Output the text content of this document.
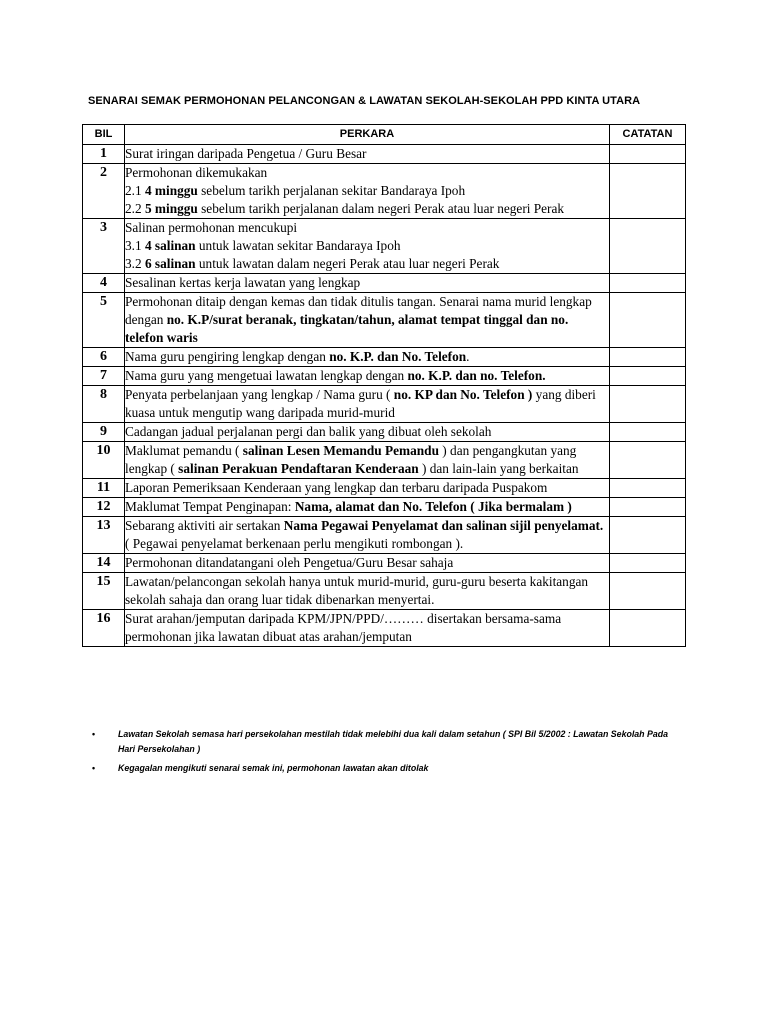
SENARAI SEMAK PERMOHONAN PELANCONGAN & LAWATAN SEKOLAH-SEKOLAH PPD KINTA UTARA
BIL	PERKARA	CATATAN
1	Surat iringan daripada Pengetua / Guru Besar	

2	Permohonan dikemukakan
2.1 4 minggu sebelum tarikh perjalanan sekitar Bandaraya Ipoh
2.2 5 minggu sebelum tarikh perjalanan dalam negeri Perak atau luar negeri Perak	

3	Salinan permohonan mencukupi
3.1 4 salinan untuk lawatan sekitar Bandaraya Ipoh
3.2 6 salinan untuk lawatan dalam negeri Perak atau luar negeri Perak	

4	Sesalinan kertas kerja lawatan yang lengkap	

5	Permohonan ditaip dengan kemas dan tidak ditulis tangan. Senarai nama murid lengkap dengan no. K.P/surat beranak, tingkatan/tahun, alamat tempat tinggal dan no. telefon waris	

6	Nama guru pengiring lengkap dengan no. K.P. dan No. Telefon.	

7	Nama guru yang mengetuai lawatan lengkap dengan no. K.P. dan no. Telefon.	

8	Penyata perbelanjaan yang lengkap / Nama guru ( no. KP dan No. Telefon ) yang diberi kuasa untuk mengutip wang daripada murid-murid	

9	Cadangan jadual perjalanan pergi dan balik yang dibuat oleh sekolah	

10	Maklumat pemandu ( salinan Lesen Memandu Pemandu ) dan pengangkutan yang lengkap ( salinan Perakuan Pendaftaran Kenderaan ) dan lain-lain yang berkaitan	

11	Laporan Pemeriksaan Kenderaan yang lengkap dan terbaru daripada Puspakom	

12	Maklumat Tempat Penginapan: Nama, alamat dan No. Telefon ( Jika bermalam )	

13	Sebarang aktiviti air sertakan Nama Pegawai Penyelamat dan salinan sijil penyelamat. ( Pegawai penyelamat berkenaan perlu mengikuti rombongan ).	

14	Permohonan ditandatangani oleh Pengetua/Guru Besar sahaja	

15	Lawatan/pelancongan sekolah hanya untuk murid-murid, guru-guru beserta kakitangan sekolah sahaja dan orang luar tidak dibenarkan menyertai.	

16	Surat arahan/jemputan daripada KPM/JPN/PPD/……… disertakan bersama-sama permohonan jika lawatan dibuat atas arahan/jemputan	

•	Lawatan Sekolah semasa hari persekolahan mestilah tidak melebihi dua kali dalam setahun ( SPI Bil 5/2002 : Lawatan Sekolah Pada Hari Persekolahan )
•	Kegagalan mengikuti senarai semak ini, permohonan lawatan akan ditolak
